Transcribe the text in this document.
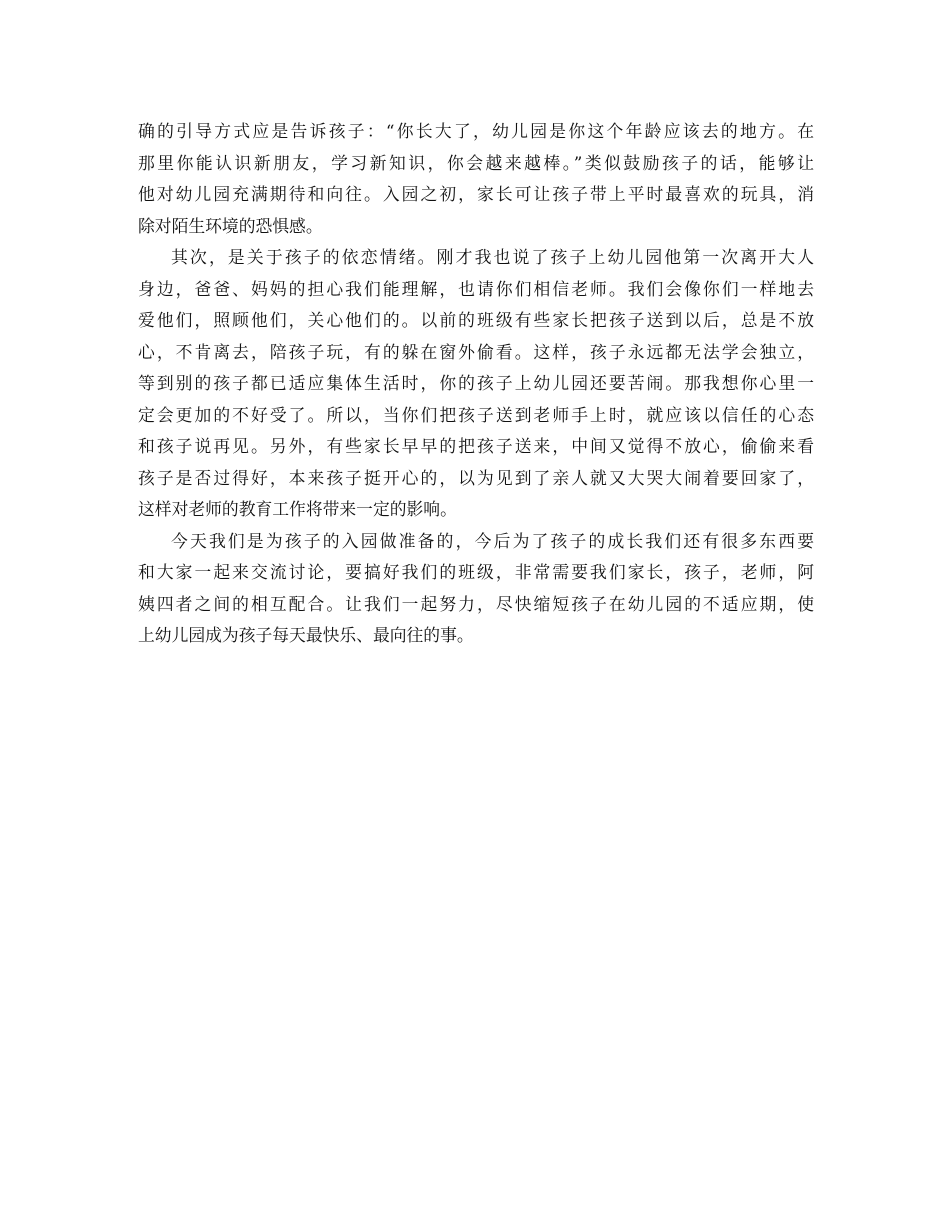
确的引导方式应是告诉孩子：“你长大了，幼儿园是你这个年龄应该去的地方。在
那里你能认识新朋友，学习新知识，你会越来越棒。”类似鼓励孩子的话，能够让
他对幼儿园充满期待和向往。入园之初，家长可让孩子带上平时最喜欢的玩具，消
除对陌生环境的恐惧感。
其次，是关于孩子的依恋情绪。刚才我也说了孩子上幼儿园他第一次离开大人
身边，爸爸、妈妈的担心我们能理解，也请你们相信老师。我们会像你们一样地去
爱他们，照顾他们，关心他们的。以前的班级有些家长把孩子送到以后，总是不放
心，不肯离去，陪孩子玩，有的躲在窗外偷看。这样，孩子永远都无法学会独立，
等到别的孩子都已适应集体生活时，你的孩子上幼儿园还要苦闹。那我想你心里一
定会更加的不好受了。所以，当你们把孩子送到老师手上时，就应该以信任的心态
和孩子说再见。另外，有些家长早早的把孩子送来，中间又觉得不放心，偷偷来看
孩子是否过得好，本来孩子挺开心的，以为见到了亲人就又大哭大闹着要回家了，
这样对老师的教育工作将带来一定的影响。
今天我们是为孩子的入园做准备的，今后为了孩子的成长我们还有很多东西要
和大家一起来交流讨论，要搞好我们的班级，非常需要我们家长，孩子，老师，阿
姨四者之间的相互配合。让我们一起努力，尽快缩短孩子在幼儿园的不适应期，使
上幼儿园成为孩子每天最快乐、最向往的事。
